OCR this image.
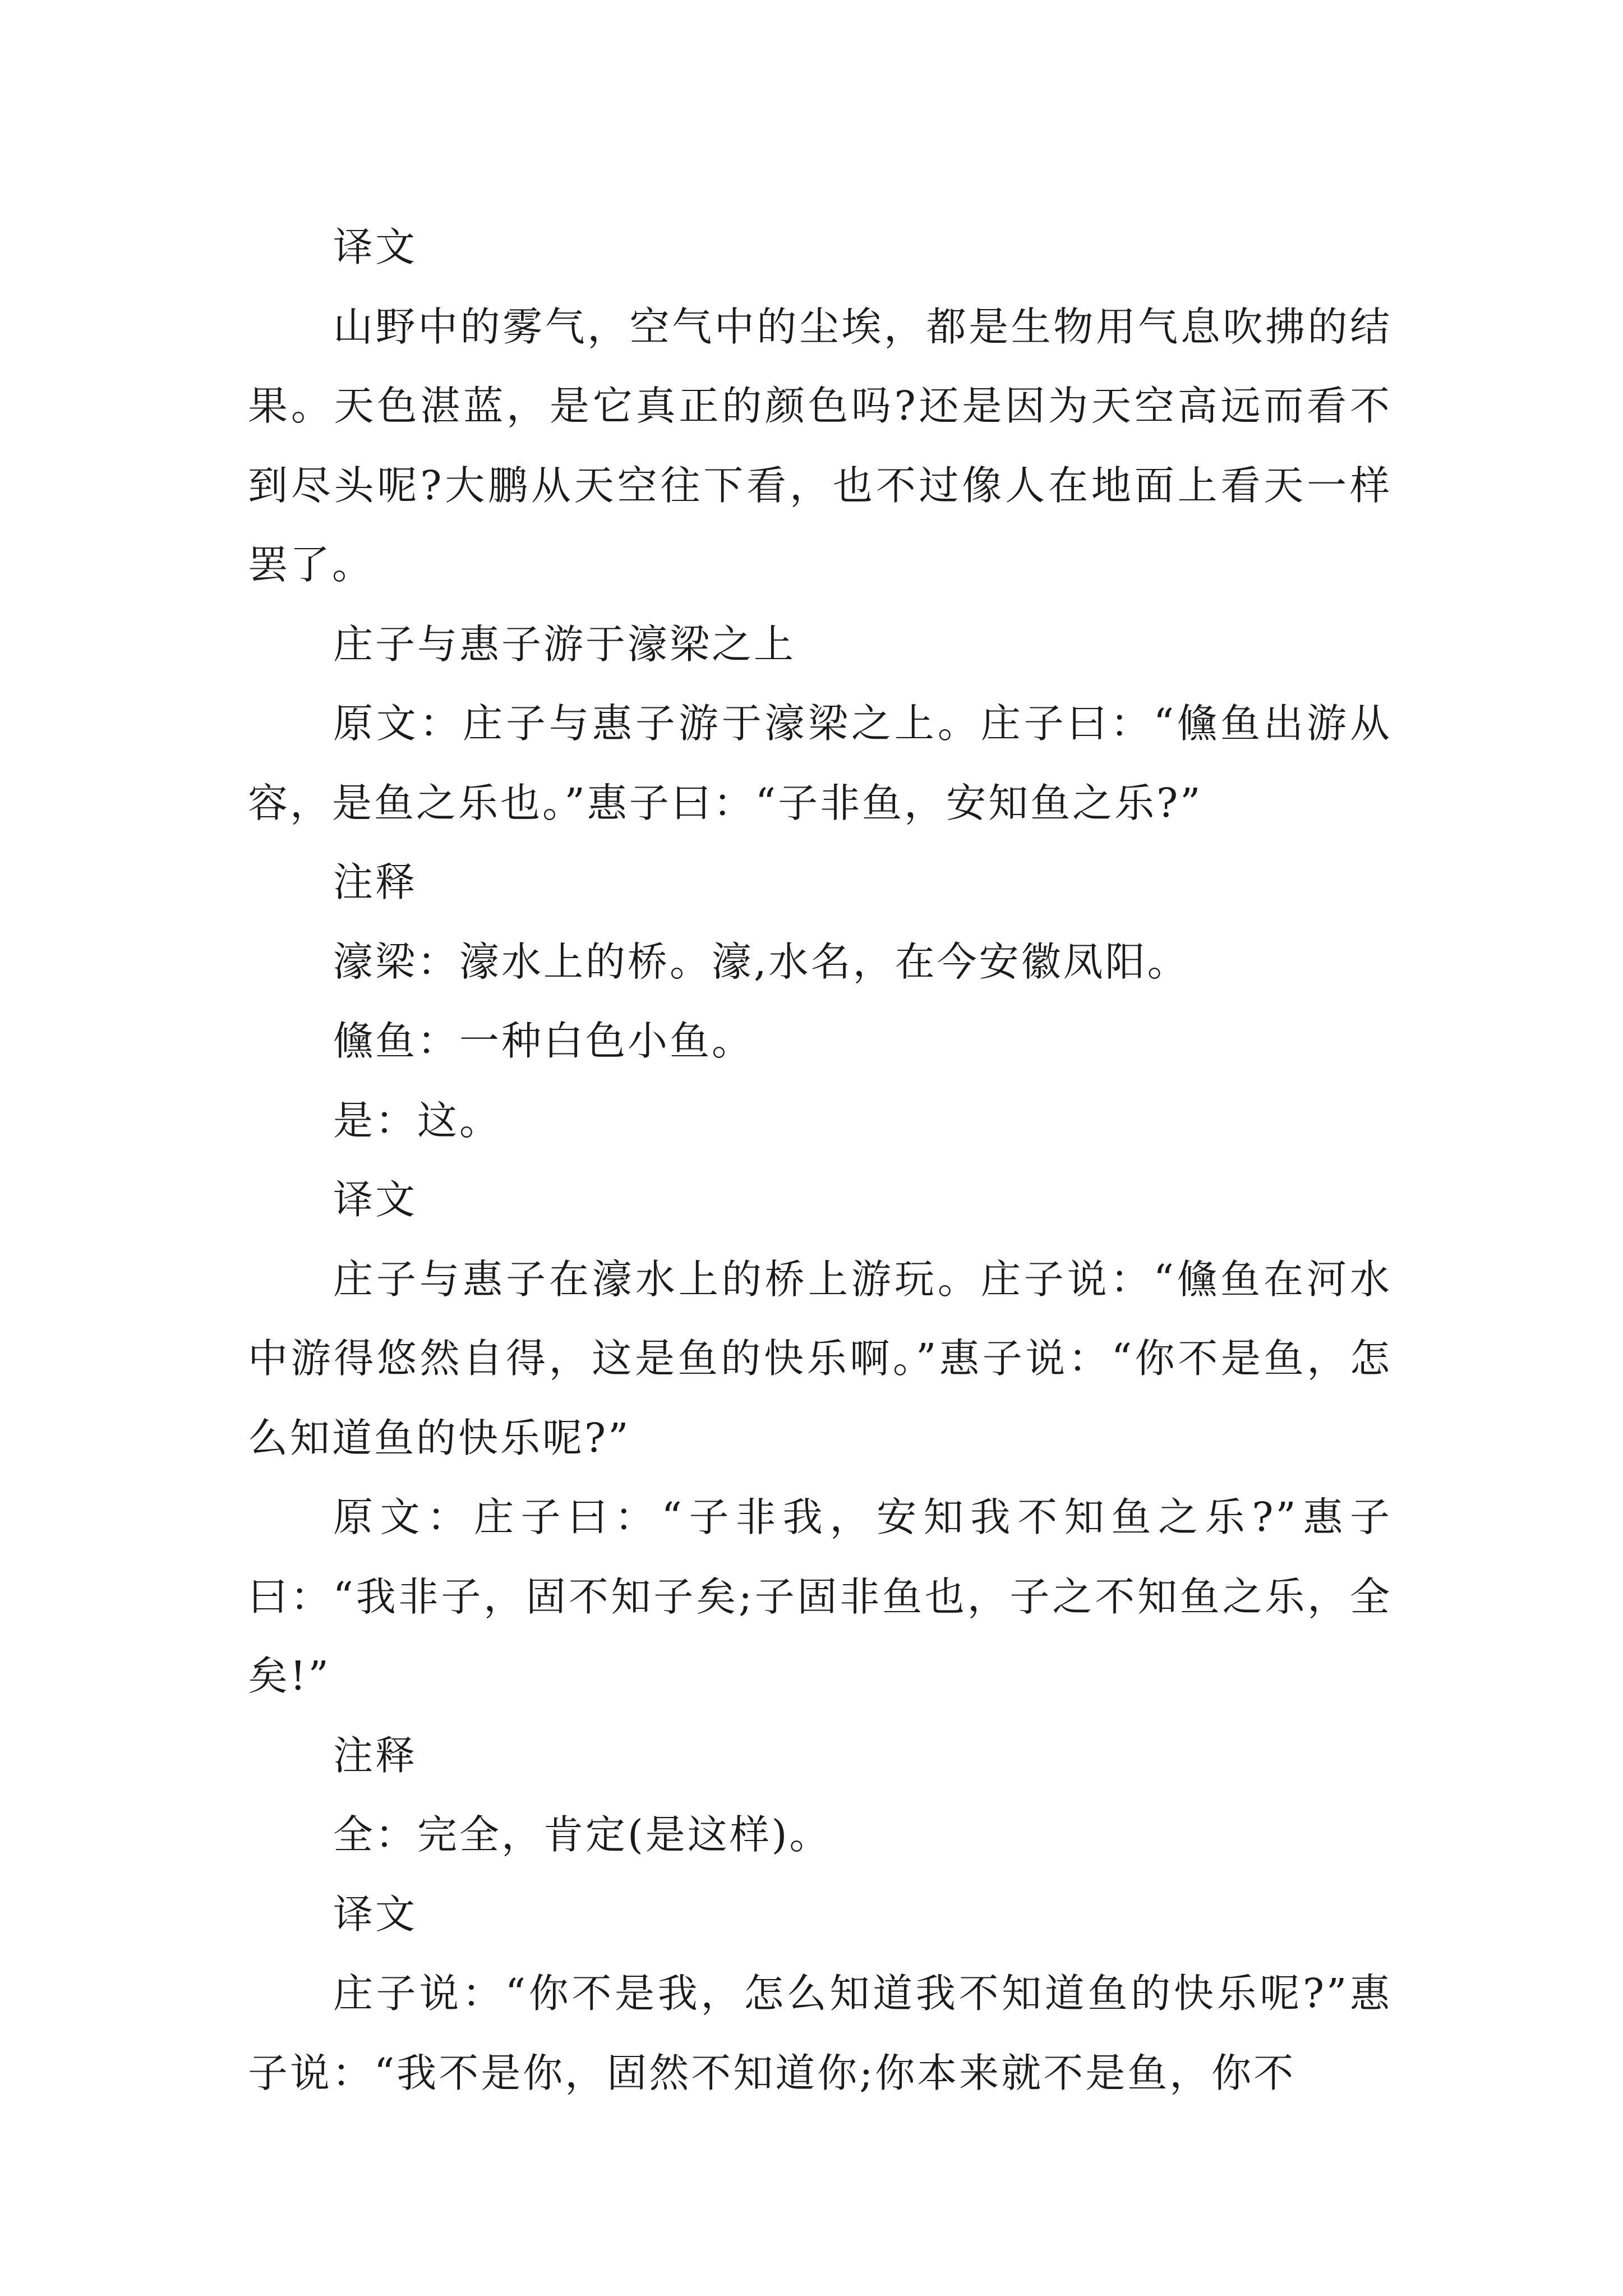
译文

山野中的雾气，空气中的尘埃，都是生物用气息吹拂的结果。天色湛蓝，是它真正的颜色吗?还是因为天空高远而看不到尽头呢?大鹏从天空往下看，也不过像人在地面上看天一样罢了。

庄子与惠子游于濠梁之上

原文：庄子与惠子游于濠梁之上。庄子曰：“儵鱼出游从容，是鱼之乐也。”惠子曰：“子非鱼，安知鱼之乐?”

注释

濠梁：濠水上的桥。濠,水名，在今安徽凤阳。

儵鱼：一种白色小鱼。

是：这。

译文

庄子与惠子在濠水上的桥上游玩。庄子说：“儵鱼在河水中游得悠然自得，这是鱼的快乐啊。”惠子说：“你不是鱼，怎么知道鱼的快乐呢?”

原文：庄子曰：“子非我，安知我不知鱼之乐?”惠子曰：“我非子，固不知子矣;子固非鱼也，子之不知鱼之乐，全矣!”

注释

全：完全，肯定(是这样)。

译文

庄子说：“你不是我，怎么知道我不知道鱼的快乐呢?”惠子说：“我不是你，固然不知道你;你本来就不是鱼，你不
